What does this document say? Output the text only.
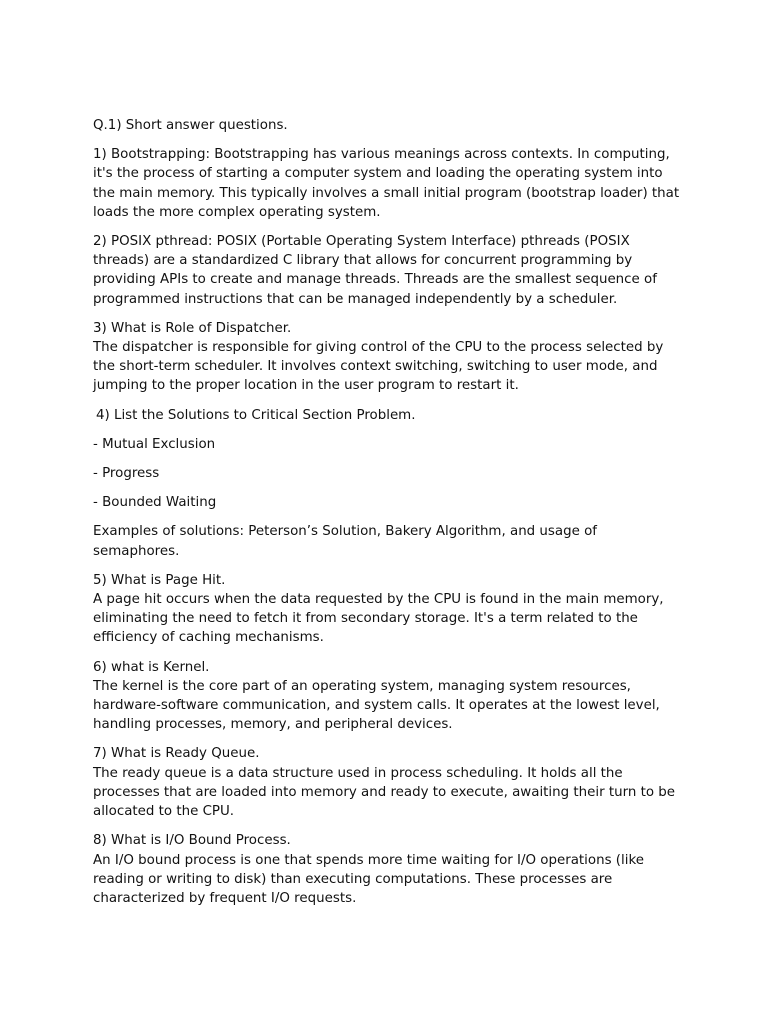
Q.1) Short answer questions.

1) Bootstrapping: Bootstrapping has various meanings across contexts. In computing, it's the process of starting a computer system and loading the operating system into the main memory. This typically involves a small initial program (bootstrap loader) that loads the more complex operating system.

2) POSIX pthread: POSIX (Portable Operating System Interface) pthreads (POSIX threads) are a standardized C library that allows for concurrent programming by providing APIs to create and manage threads. Threads are the smallest sequence of programmed instructions that can be managed independently by a scheduler.

3) What is Role of Dispatcher.
The dispatcher is responsible for giving control of the CPU to the process selected by the short-term scheduler. It involves context switching, switching to user mode, and jumping to the proper location in the user program to restart it.

4) List the Solutions to Critical Section Problem.

- Mutual Exclusion

- Progress

- Bounded Waiting

Examples of solutions: Peterson’s Solution, Bakery Algorithm, and usage of semaphores.

5) What is Page Hit.
A page hit occurs when the data requested by the CPU is found in the main memory, eliminating the need to fetch it from secondary storage. It's a term related to the efficiency of caching mechanisms.
6) what is Kernel.
The kernel is the core part of an operating system, managing system resources, hardware-software communication, and system calls. It operates at the lowest level, handling processes, memory, and peripheral devices.
7) What is Ready Queue.
The ready queue is a data structure used in process scheduling. It holds all the processes that are loaded into memory and ready to execute, awaiting their turn to be allocated to the CPU.
8) What is I/O Bound Process.
An I/O bound process is one that spends more time waiting for I/O operations (like reading or writing to disk) than executing computations. These processes are characterized by frequent I/O requests.
